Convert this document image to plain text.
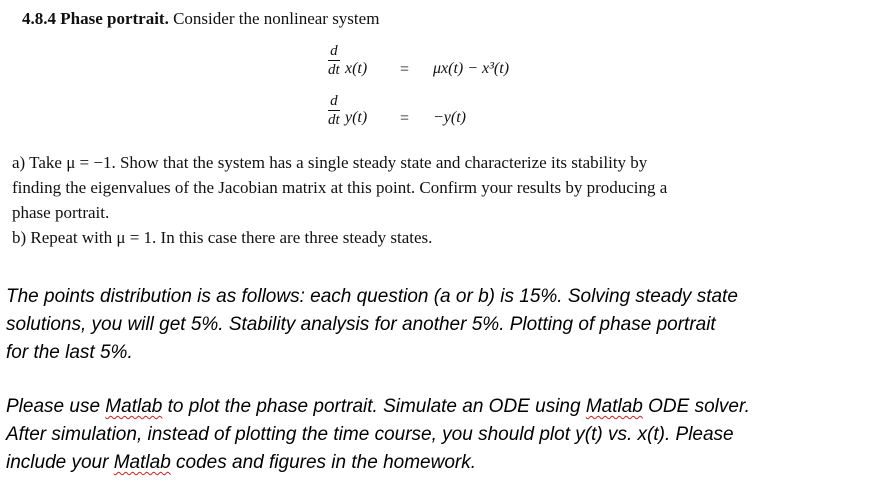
4.8.4 Phase portrait. Consider the nonlinear system
d
dt x(t) = μx(t) − x³(t)
d
dt y(t) = −y(t)
a) Take μ = −1. Show that the system has a single steady state and characterize its stability by
finding the eigenvalues of the Jacobian matrix at this point. Confirm your results by producing a
phase portrait.
b) Repeat with μ = 1. In this case there are three steady states.
The points distribution is as follows: each question (a or b) is 15%. Solving steady state
solutions, you will get 5%. Stability analysis for another 5%. Plotting of phase portrait
for the last 5%.
Please use Matlab to plot the phase portrait. Simulate an ODE using Matlab ODE solver.
After simulation, instead of plotting the time course, you should plot y(t) vs. x(t). Please
include your Matlab codes and figures in the homework.
